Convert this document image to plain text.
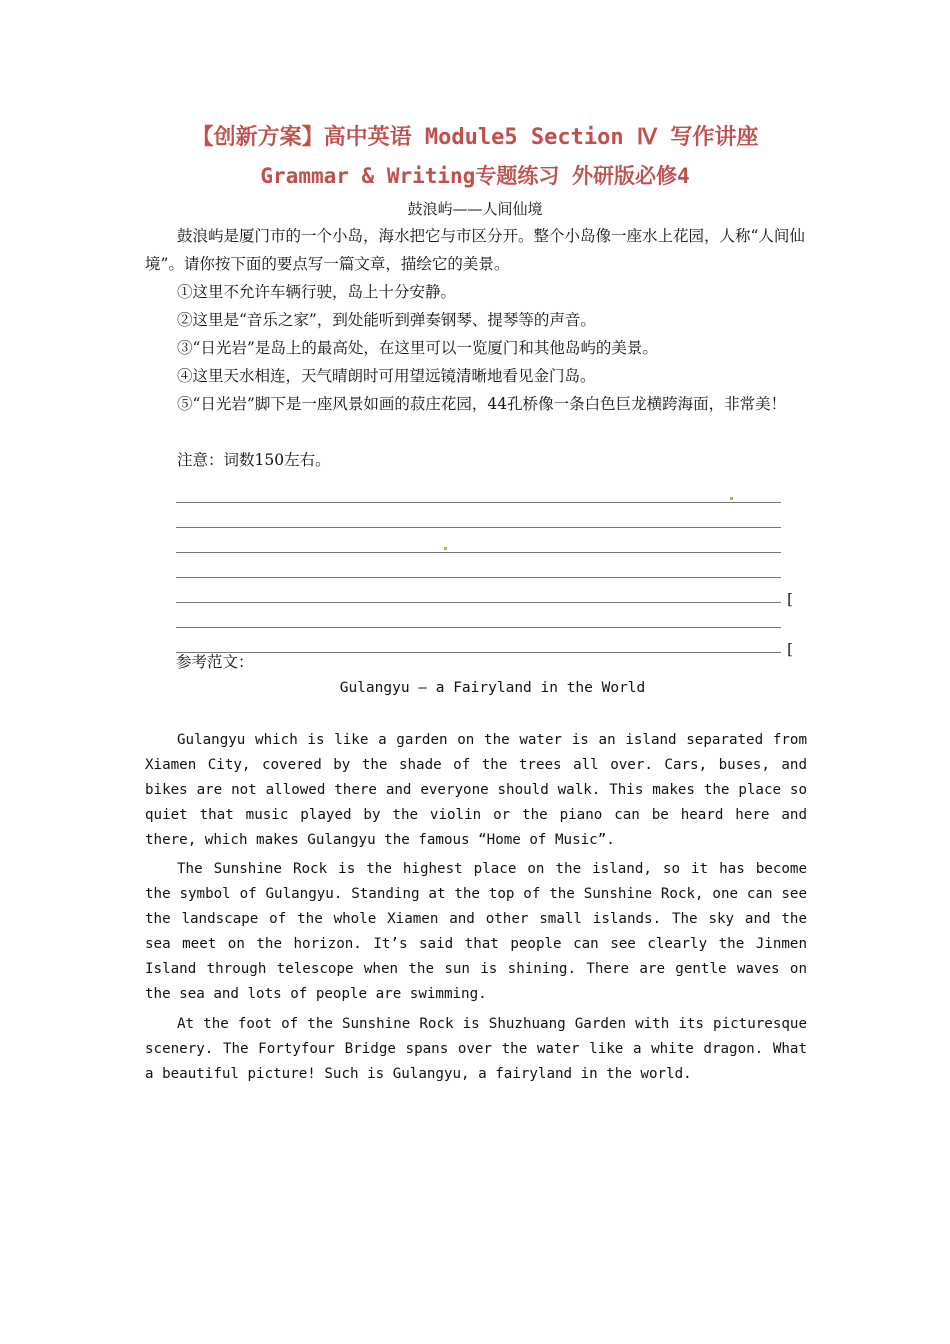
【创新方案】高中英语 Module5 Section Ⅳ 写作讲座
Grammar & Writing专题练习 外研版必修4
鼓浪屿——人间仙境

鼓浪屿是厦门市的一个小岛，海水把它与市区分开。整个小岛像一座水上花园，人称“人间仙境”。请你按下面的要点写一篇文章，描绘它的美景。

①这里不允许车辆行驶，岛上十分安静。

②这里是“音乐之家”，到处能听到弹奏钢琴、提琴等的声音。

③“日光岩”是岛上的最高处，在这里可以一览厦门和其他岛屿的美景。

④这里天水相连，天气晴朗时可用望远镜清晰地看见金门岛。

⑤“日光岩”脚下是一座风景如画的菽庄花园，44孔桥像一条白色巨龙横跨海面，非常美！

注意：词数150左右。

[
[
参考范文：
Gulangyu — a Fairyland in the World

Gulangyu which is like a garden on the water is an island separated from Xiamen City, covered by the shade of the trees all over. Cars, buses, and bikes are not allowed there and everyone should walk. This makes the place so quiet that music played by the violin or the piano can be heard here and there, which makes Gulangyu the famous “Home of Music”.

The Sunshine Rock is the highest place on the island, so it has become the symbol of Gulangyu. Standing at the top of the Sunshine Rock, one can see the landscape of the whole Xiamen and other small islands. The sky and the sea meet on the horizon. It’s said that people can see clearly the Jinmen Island through telescope when the sun is shining. There are gentle waves on the sea and lots of people are swimming.

At the foot of the Sunshine Rock is Shuzhuang Garden with its picturesque scenery. The Fortyfour Bridge spans over the water like a white dragon. What a beautiful picture! Such is Gulangyu, a fairyland in the world.
